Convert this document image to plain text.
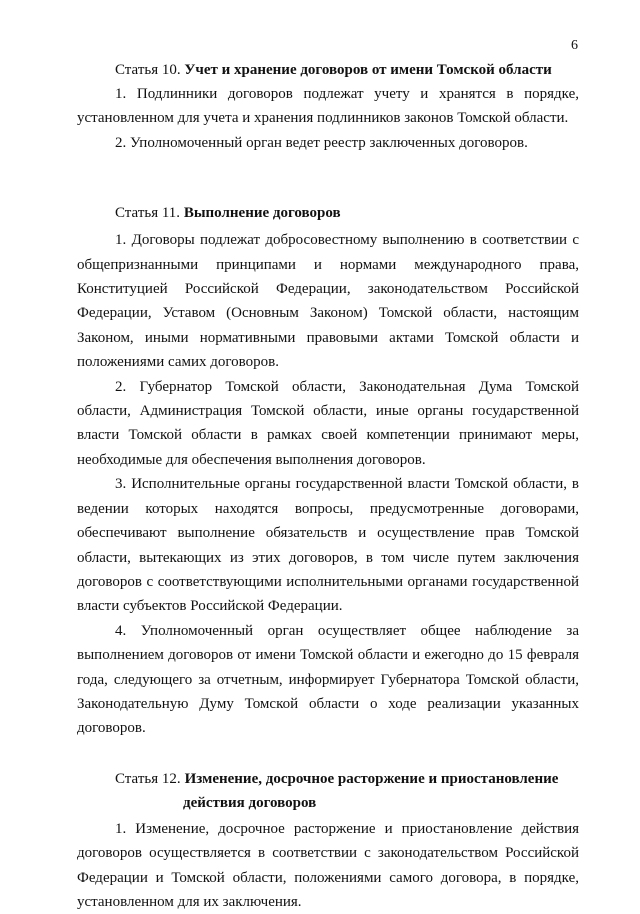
6
Статья 10. Учет и хранение договоров от имени Томской области

1. Подлинники договоров подлежат учету и хранятся в порядке, установленном для учета и хранения подлинников законов Томской области.

2. Уполномоченный орган ведет реестр заключенных договоров.

Статья 11. Выполнение договоров

1. Договоры подлежат добросовестному выполнению в соответствии с общепризнанными принципами и нормами международного права, Конституцией Российской Федерации, законодательством Российской Федерации, Уставом (Основным Законом) Томской области, настоящим Законом, иными нормативными правовыми актами Томской области и положениями самих договоров.

2. Губернатор Томской области, Законодательная Дума Томской области, Администрация Томской области, иные органы государственной власти Томской области в рамках своей компетенции принимают меры, необходимые для обеспечения выполнения договоров.

3. Исполнительные органы государственной власти Томской области, в ведении которых находятся вопросы, предусмотренные договорами, обеспечивают выполнение обязательств и осуществление прав Томской области, вытекающих из этих договоров, в том числе путем заключения договоров с соответствующими исполнительными органами государственной власти субъектов Российской Федерации.

4. Уполномоченный орган осуществляет общее наблюдение за выполнением договоров от имени Томской области и ежегодно до 15 февраля года, следующего за отчетным, информирует Губернатора Томской области, Законодательную Думу Томской области о ходе реализации указанных договоров.

Статья 12. Изменение, досрочное расторжение и приостановление
действия договоров

1. Изменение, досрочное расторжение и приостановление действия договоров осуществляется в соответствии с законодательством Российской Федерации и Томской области, положениями самого договора, в порядке, установленном для их заключения.
